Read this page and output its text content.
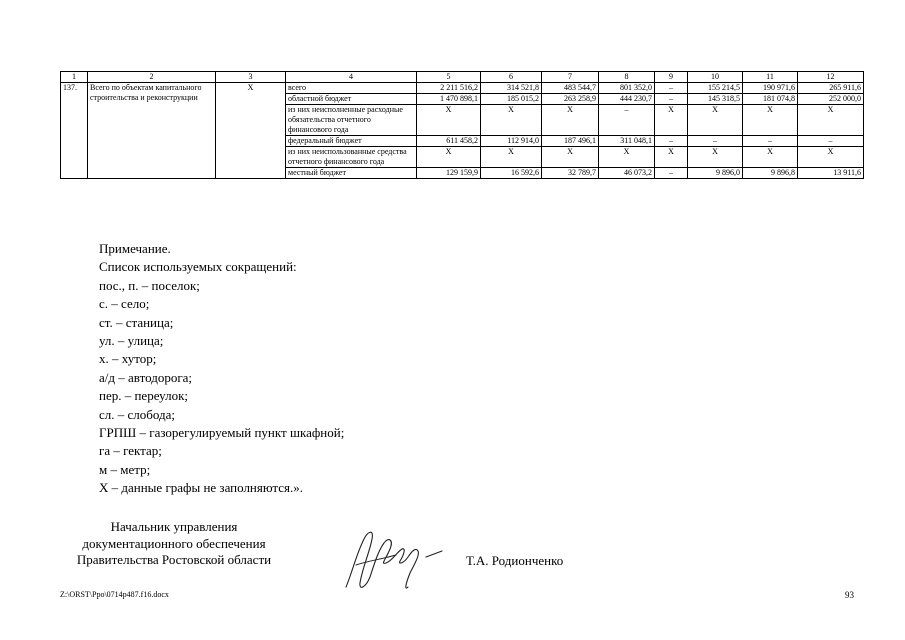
1	2	3	4	5	6	7	8	9	10	11	12
137.	Всего по объектам капитального строительства и реконструкции	Х	всего	2 211 516,2	314 521,8	483 544,7	801 352,0	–	155 214,5	190 971,6	265 911,6
			областной бюджет	1 470 898,1	185 015,2	263 258,9	444 230,7	–	145 318,5	181 074,8	252 000,0
			из них неисполненные расходные обязательства отчетного финансового года	Х	Х	Х	–	Х	Х	Х	Х
			федеральный бюджет	611 458,2	112 914,0	187 496,1	311 048,1	–	–	–	–
			из них неиспользованные средства отчетного финансового года	Х	Х	Х	Х	Х	Х	Х	Х
			местный бюджет	129 159,9	16 592,6	32 789,7	46 073,2	–	9 896,0	9 896,8	13 911,6
Примечание.
Список используемых сокращений:
пос., п. – поселок;
с. – село;
ст. – станица;
ул. – улица;
х. – хутор;
а/д – автодорога;
пер. – переулок;
сл. – слобода;
ГРПШ – газорегулируемый пункт шкафной;
га – гектар;
м – метр;
Х – данные графы не заполняются.».
Начальник управления
документационного обеспечения
Правительства Ростовской области	Т.А. Родионченко
Z:\ORST\Ppo\0714p487.f16.docx	93
